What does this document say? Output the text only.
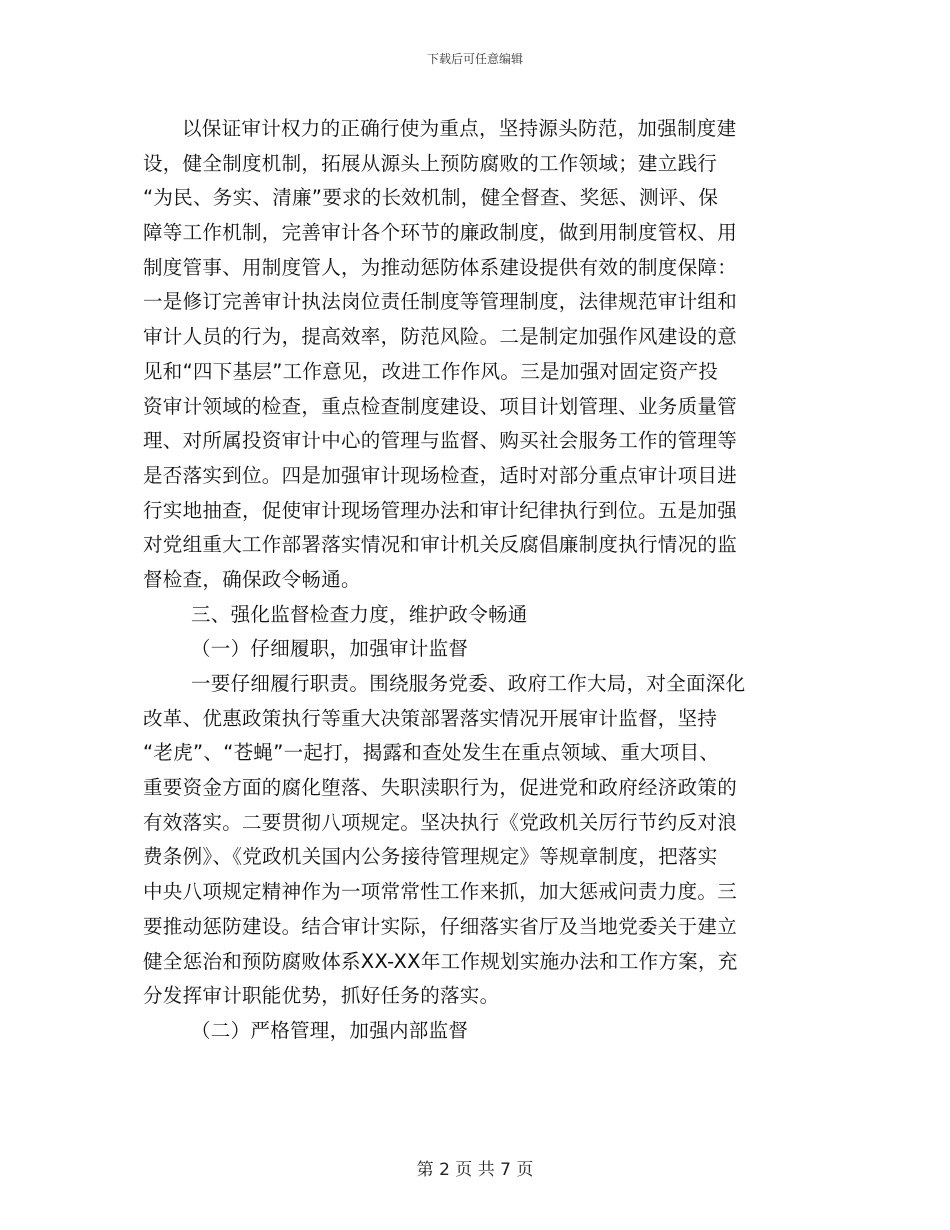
下载后可任意编辑
以保证审计权力的正确行使为重点，坚持源头防范，加强制度建
设，健全制度机制，拓展从源头上预防腐败的工作领域；建立践行
“为民、务实、清廉”要求的长效机制，健全督查、奖惩、测评、保
障等工作机制，完善审计各个环节的廉政制度，做到用制度管权、用
制度管事、用制度管人，为推动惩防体系建设提供有效的制度保障：
一是修订完善审计执法岗位责任制度等管理制度，法律规范审计组和
审计人员的行为，提高效率，防范风险。二是制定加强作风建设的意
见和“四下基层”工作意见，改进工作作风。三是加强对固定资产投
资审计领域的检查，重点检查制度建设、项目计划管理、业务质量管
理、对所属投资审计中心的管理与监督、购买社会服务工作的管理等
是否落实到位。四是加强审计现场检查，适时对部分重点审计项目进
行实地抽查，促使审计现场管理办法和审计纪律执行到位。五是加强
对党组重大工作部署落实情况和审计机关反腐倡廉制度执行情况的监
督检查，确保政令畅通。
三、强化监督检查力度，维护政令畅通
（一）仔细履职，加强审计监督
一要仔细履行职责。围绕服务党委、政府工作大局，对全面深化
改革、优惠政策执行等重大决策部署落实情况开展审计监督，坚持
“老虎”、“苍蝇”一起打，揭露和查处发生在重点领域、重大项目、
重要资金方面的腐化堕落、失职渎职行为，促进党和政府经济政策的
有效落实。二要贯彻八项规定。坚决执行《党政机关厉行节约反对浪
费条例》、《党政机关国内公务接待管理规定》等规章制度，把落实
中央八项规定精神作为一项常常性工作来抓，加大惩戒问责力度。三
要推动惩防建设。结合审计实际，仔细落实省厅及当地党委关于建立
健全惩治和预防腐败体系XX-XX年工作规划实施办法和工作方案，充
分发挥审计职能优势，抓好任务的落实。
（二）严格管理，加强内部监督
第 2 页 共 7 页
